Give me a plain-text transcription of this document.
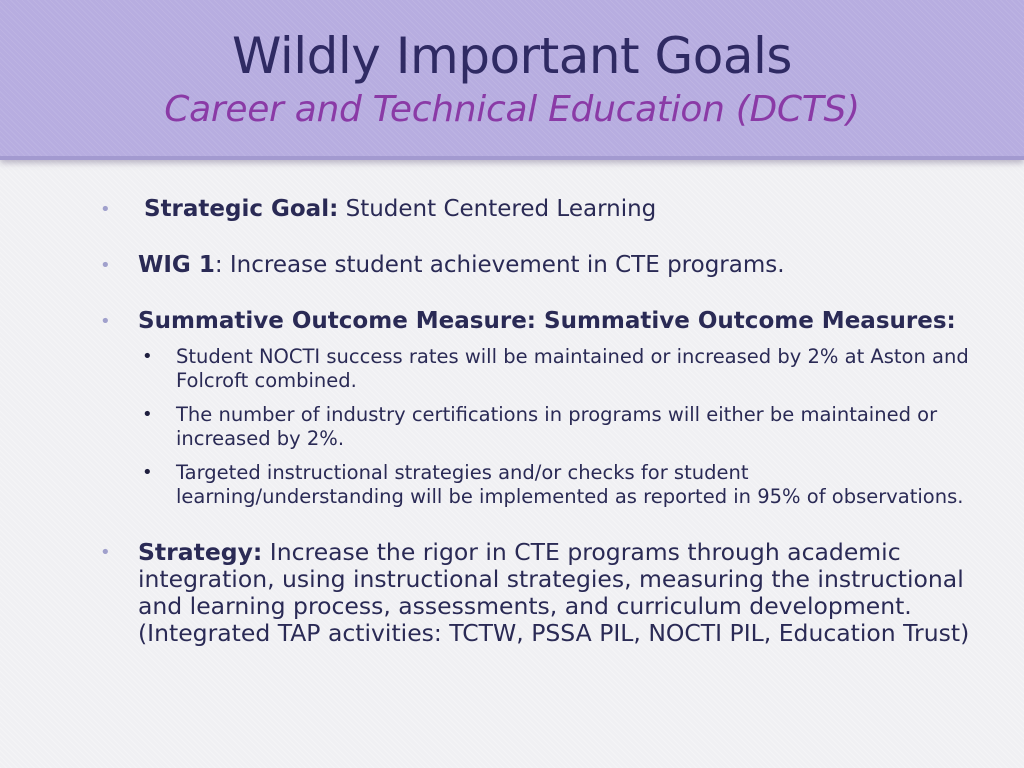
Wildly Important Goals
Career and Technical Education (DCTS)
• Strategic Goal: Student Centered Learning
• WIG 1: Increase student achievement in CTE programs.
• Summative Outcome Measure: Summative Outcome Measures:
• Student NOCTI success rates will be maintained or increased by 2% at Aston and Folcroft combined.
• The number of industry certifications in programs will either be maintained or increased by 2%.
• Targeted instructional strategies and/or checks for student learning/understanding will be implemented as reported in 95% of observations.
• Strategy: Increase the rigor in CTE programs through academic integration, using instructional strategies, measuring the instructional and learning process, assessments, and curriculum development. (Integrated TAP activities: TCTW, PSSA PIL, NOCTI PIL, Education Trust)
